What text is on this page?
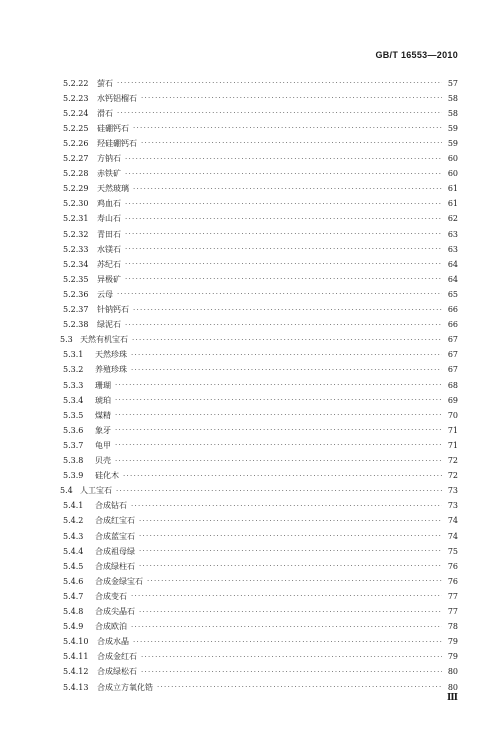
GB/T 16553—2010
5.2.22	萤石 ·····	57
5.2.23	水钙铝榴石 ·····	58
5.2.24	滑石 ·····	58
5.2.25	硅硼钙石 ·····	59
5.2.26	羟硅硼钙石 ·····	59
5.2.27	方钠石 ·····	60
5.2.28	赤铁矿 ·····	60
5.2.29	天然玻璃 ·····	61
5.2.30	鸡血石 ·····	61
5.2.31	寿山石 ·····	62
5.2.32	青田石 ·····	63
5.2.33	水镁石 ·····	63
5.2.34	苏纪石 ·····	64
5.2.35	异极矿 ·····	64
5.2.36	云母 ·····	65
5.2.37	针钠钙石 ·····	66
5.2.38	绿泥石 ·····	66
5.3 天然有机宝石 ·····	67
5.3.1	天然珍珠 ·····	67
5.3.2	养殖珍珠 ·····	67
5.3.3	珊瑚 ·····	68
5.3.4	琥珀 ·····	69
5.3.5	煤精 ·····	70
5.3.6	象牙 ·····	71
5.3.7	龟甲 ·····	71
5.3.8	贝壳 ·····	72
5.3.9	硅化木 ·····	72
5.4 人工宝石 ·····	73
5.4.1	合成钻石 ·····	73
5.4.2	合成红宝石 ·····	74
5.4.3	合成蓝宝石 ·····	74
5.4.4	合成祖母绿 ·····	75
5.4.5	合成绿柱石 ·····	76
5.4.6	合成金绿宝石 ·····	76
5.4.7	合成变石 ·····	77
5.4.8	合成尖晶石 ·····	77
5.4.9	合成欧泊 ·····	78
5.4.10	合成水晶 ·····	79
5.4.11	合成金红石 ·····	79
5.4.12	合成绿松石 ·····	80
5.4.13	合成立方氧化锆 ·····	80
Ⅲ
